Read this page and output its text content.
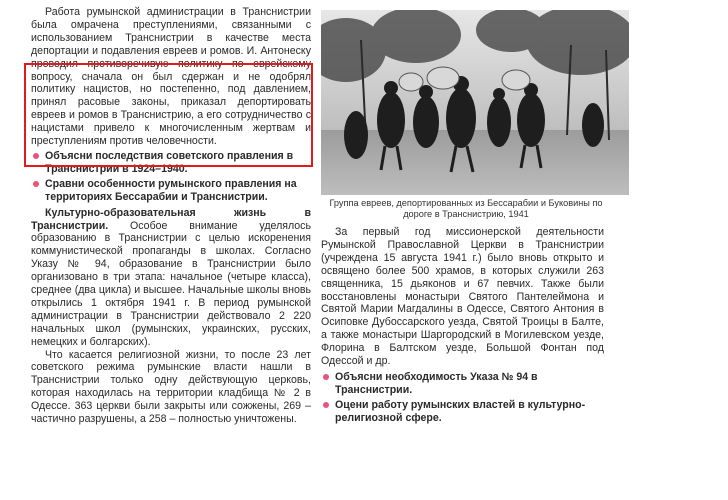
Работа румынской администрации в Транснистрии была омрачена преступлениями, связанными с использованием Транснистрии в качестве места депортации и подавления евреев и ромов. И. Антонеску проводил противоречивую политику по еврейскому вопросу, сначала он был сдержан и не одобрял политику нацистов, но постепенно, под давлением, принял расовые законы, приказал депортировать евреев и ромов в Транснистрию, а его сотрудничество с нацистами привело к многочисленным жертвам и преступлениям против человечности.

Объясни последствия советского правления в Транснистрии в 1924–1940.
Сравни особенности румынского правления на территориях Бессарабии и Транснистрии.

Культурно-образовательная жизнь в Транснистрии. Особое внимание уделялось образованию в Транснистрии с целью искоренения коммунистической пропаганды в школах. Согласно Указу № 94, образование в Транснистрии было организовано в три этапа: начальное (четыре класса), среднее (два цикла) и высшее. Начальные школы вновь открылись 1 октября 1941 г. В период румынской администрации в Транснистрии действовало 2 220 начальных школ (румынских, украинских, русских, немецких и болгарских).

Что касается религиозной жизни, то после 23 лет советского режима румынские власти нашли в Транснистрии только одну действующую церковь, которая находилась на территории кладбища № 2 в Одессе. 363 церкви были закрыты или сожжены, 269 – частично разрушены, а 258 – полностью уничтожены.

Группа евреев, депортированных из Бессарабии и Буковины по дороге в Транснистрию, 1941

За первый год миссионерской деятельности Румынской Православной Церкви в Транснистрии (учреждена 15 августа 1941 г.) было вновь открыто и освящено более 500 храмов, в которых служили 263 священника, 15 дьяконов и 67 певчих. Также были восстановлены монастыри Святого Пантелеймона и Святой Марии Магдалины в Одессе, Святого Антония в Осиповке Дубоссарского уезда, Святой Троицы в Балте, а также монастыри Шаргородский в Могилевском уезде, Флорина в Балтском уезде, Большой Фонтан под Одессой и др.

Объясни необходимость Указа № 94 в Транснистрии.
Оцени работу румынских властей в культурно-религиозной сфере.
